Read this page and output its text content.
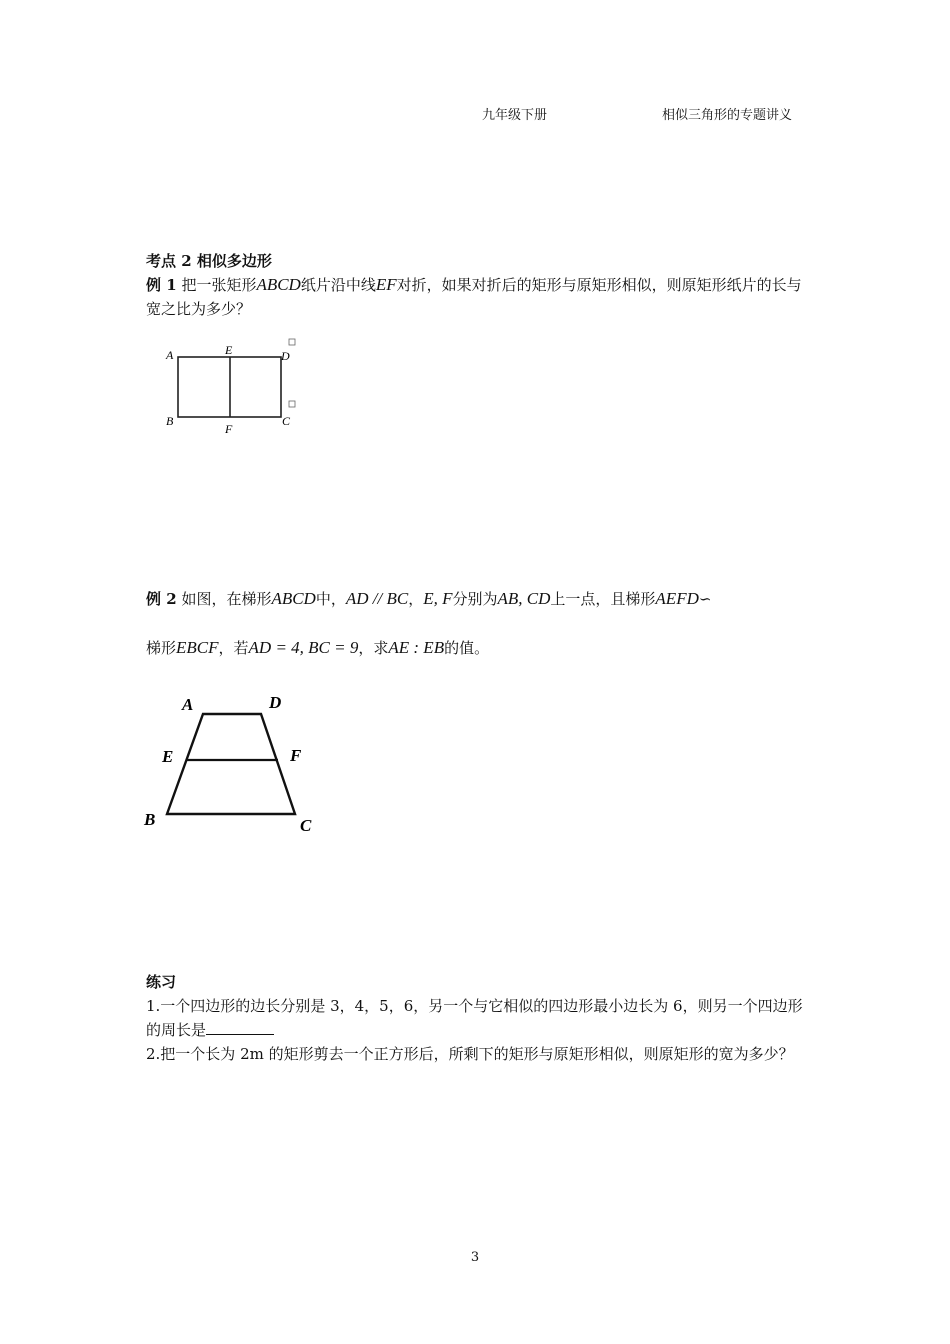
九年级下册	相似三角形的专题讲义
考点 2 相似多边形
例 1 把一张矩形ABCD纸片沿中线EF对折，如果对折后的矩形与原矩形相似，则原矩形纸片的长与宽之比为多少？
A	E	D
B
F
C
例 2 如图，在梯形ABCD中，AD // BC，E, F分别为AB, CD上一点，且梯形AEFD∽
梯形EBCF，若AD = 4, BC = 9，求AE : EB的值。
A	D
E	F
B	C
练习
1.一个四边形的边长分别是 3，4，5，6，另一个与它相似的四边形最小边长为 6，则另一个四边形的周长是
2.把一个长为 2m 的矩形剪去一个正方形后，所剩下的矩形与原矩形相似，则原矩形的宽为多少？
3
